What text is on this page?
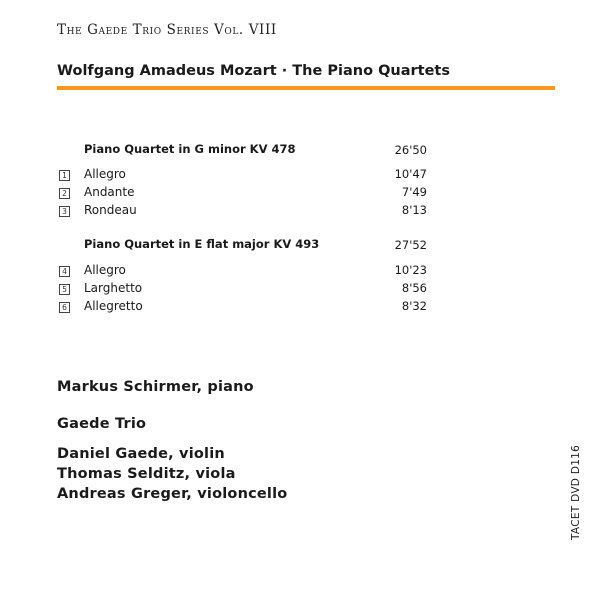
The Gaede Trio Series Vol. VIII
Wolfgang Amadeus Mozart · The Piano Quartets
Piano Quartet in G minor KV 478	26'50
1 Allegro	10'47
2 Andante	7'49
3 Rondeau	8'13
Piano Quartet in E flat major KV 493	27'52
4 Allegro	10'23
5 Larghetto	8'56
6 Allegretto	8'32
Markus Schirmer, piano
Gaede Trio
Daniel Gaede, violin
Thomas Selditz, viola
Andreas Greger, violoncello	TACET DVD D116
